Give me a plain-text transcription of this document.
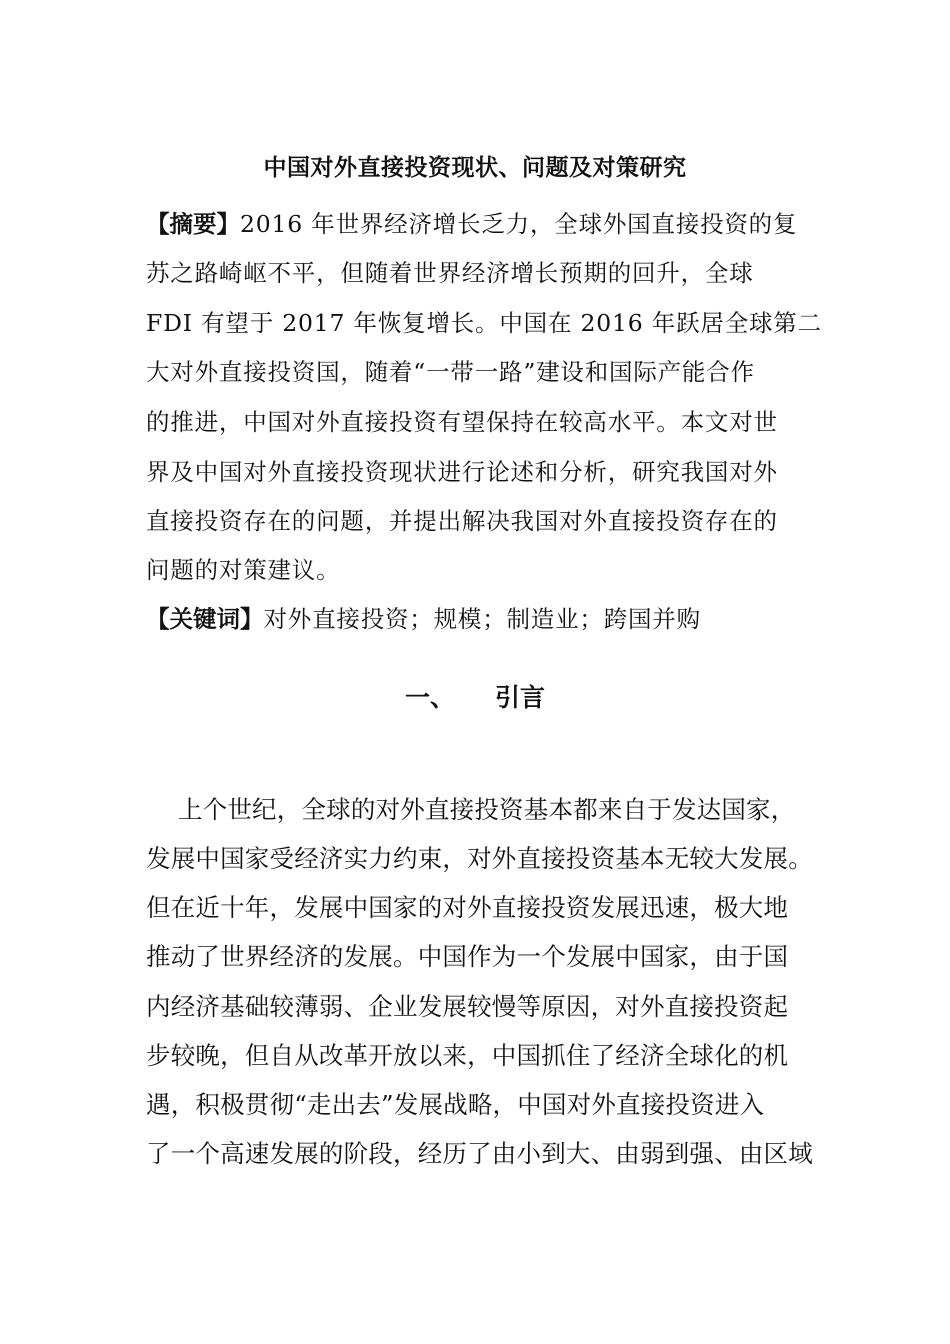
中国对外直接投资现状、问题及对策研究
【摘要】2016 年世界经济增长乏力，全球外国直接投资的复
苏之路崎岖不平，但随着世界经济增长预期的回升，全球
FDI 有望于 2017 年恢复增长。中国在 2016 年跃居全球第二
大对外直接投资国，随着“一带一路”建设和国际产能合作
的推进，中国对外直接投资有望保持在较高水平。本文对世
界及中国对外直接投资现状进行论述和分析，研究我国对外
直接投资存在的问题，并提出解决我国对外直接投资存在的
问题的对策建议。
【关键词】对外直接投资；规模；制造业；跨国并购
一、 引言
上个世纪，全球的对外直接投资基本都来自于发达国家，
发展中国家受经济实力约束，对外直接投资基本无较大发展。
但在近十年，发展中国家的对外直接投资发展迅速，极大地
推动了世界经济的发展。中国作为一个发展中国家，由于国
内经济基础较薄弱、企业发展较慢等原因，对外直接投资起
步较晚，但自从改革开放以来，中国抓住了经济全球化的机
遇，积极贯彻“走出去”发展战略，中国对外直接投资进入
了一个高速发展的阶段，经历了由小到大、由弱到强、由区域
